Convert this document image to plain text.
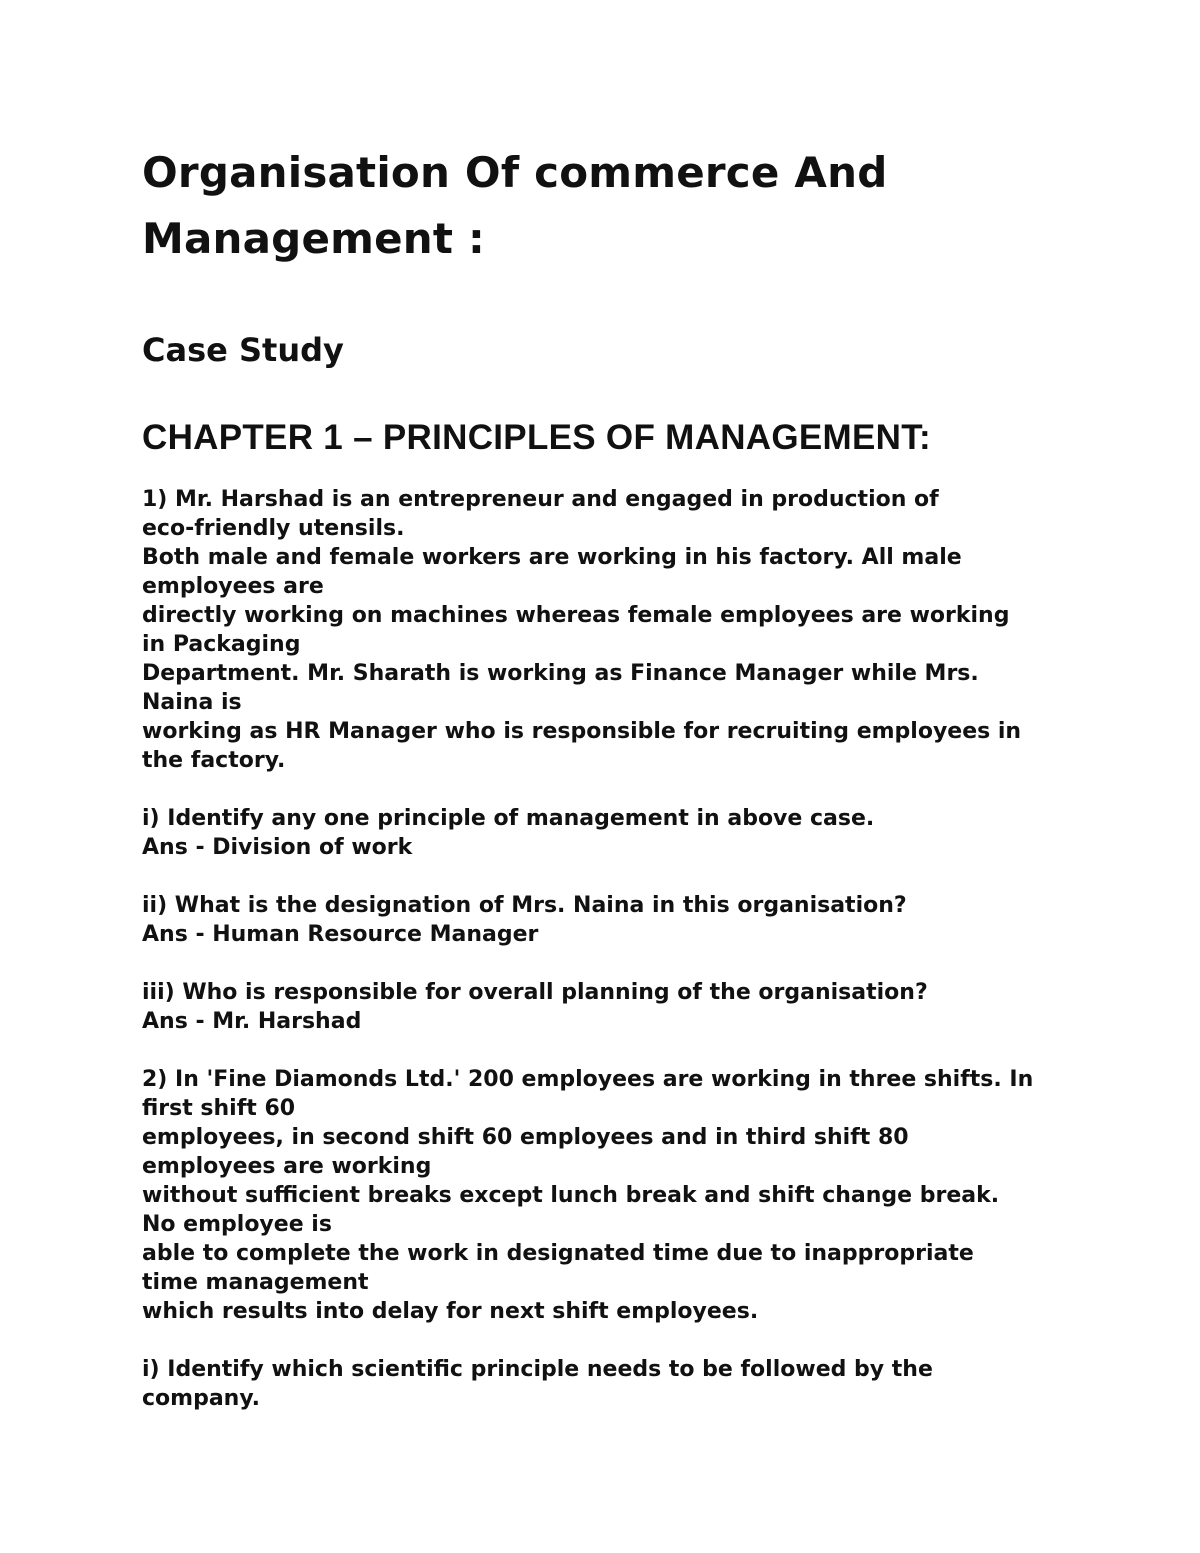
Organisation Of commerce And
Management :
Case Study
CHAPTER 1 – PRINCIPLES OF MANAGEMENT:
1) Mr. Harshad is an entrepreneur and engaged in production of
eco-friendly utensils.
Both male and female workers are working in his factory. All male
employees are
directly working on machines whereas female employees are working
in Packaging
Department. Mr. Sharath is working as Finance Manager while Mrs.
Naina is
working as HR Manager who is responsible for recruiting employees in
the factory.
i) Identify any one principle of management in above case.
Ans - Division of work
ii) What is the designation of Mrs. Naina in this organisation?
Ans - Human Resource Manager
iii) Who is responsible for overall planning of the organisation?
Ans - Mr. Harshad
2) In 'Fine Diamonds Ltd.' 200 employees are working in three shifts. In
first shift 60
employees, in second shift 60 employees and in third shift 80
employees are working
without sufficient breaks except lunch break and shift change break.
No employee is
able to complete the work in designated time due to inappropriate
time management
which results into delay for next shift employees.
i) Identify which scientific principle needs to be followed by the
company.
